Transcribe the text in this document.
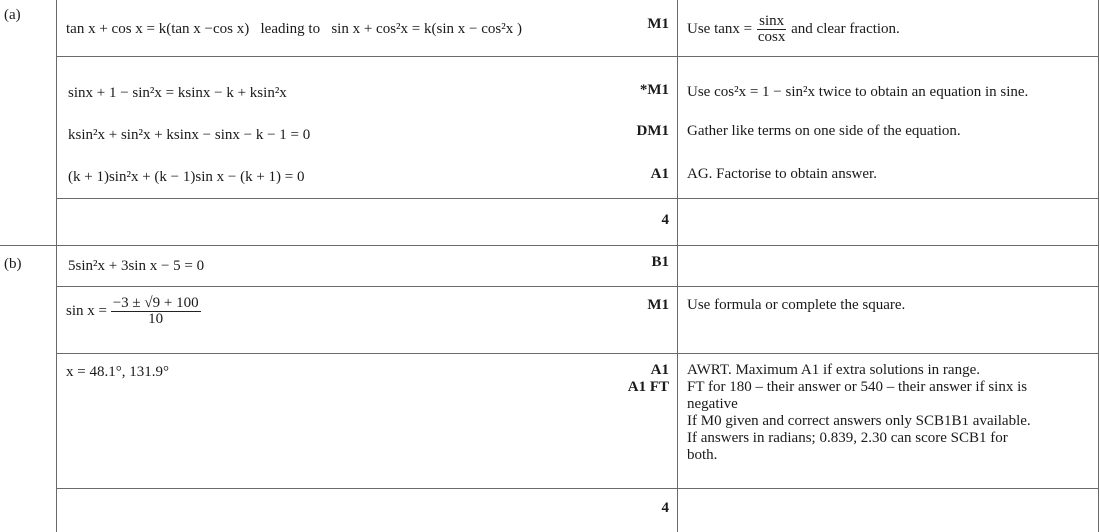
(a)
(b)
tan x + cos x = k(tan x −cos x) leading to sin x + cos²x = k(sin x − cos²x )
sinx + 1 − sin²x = ksinx − k + ksin²x
ksin²x + sin²x + ksinx − sinx − k − 1 = 0
(k + 1)sin²x + (k − 1)sin x − (k + 1) = 0
M1
*M1
DM1
A1
4
Use $\tan x = \frac{\sin x}{\cos x}$ and clear fraction.
Use cos²x = 1 − sin²x twice to obtain an equation in sine.
Gather like terms on one side of the equation.
AG. Factorise to obtain answer.
5sin²x + 3sin x − 5 = 0
$\sin x = \frac{-3 \pm √9 + 100}{10}$
x = 48.1°, 131.9°
B1
M1
A1
A1 FT
4
Use formula or complete the square.
AWRT. Maximum A1 if extra solutions in range.
FT for 180 – their answer or 540 – their answer if sinx is
negative
If M0 given and correct answers only SCB1B1 available.
If answers in radians; 0.839, 2.30 can score SCB1 for
both.
